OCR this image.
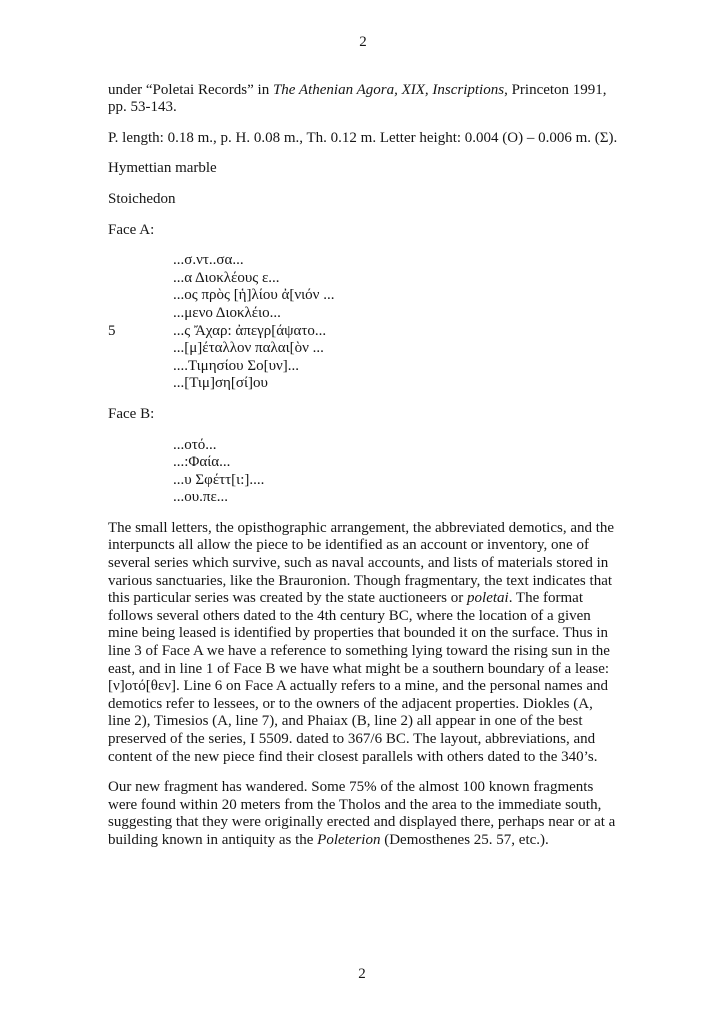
2

under “Poletai Records” in The Athenian Agora, XIX, Inscriptions, Princeton 1991, pp. 53-143.

P. length: 0.18 m., p. H. 0.08 m., Th. 0.12 m. Letter height: 0.004 (O) – 0.006 m. (Σ).

Hymettian marble

Stoichedon

Face A:

...σ.ντ..σα...
...α Διοκλέους ε...
...ος πρὸς [ἡ]λίου ἀ[νιόν ...
...μενο Διοκλέιο...
5	...ς Ἄχαρ: ἀπεγρ[άψατο...
...[μ]έταλλον παλαι[ὸν ...
....Τιμησίου Σο[υν]...
...[Τιμ]ση[σί]ου

Face B:

...οτό...
...:Φαία...
...υ Σφέττ[ι:]....
...ου.πε...

The small letters, the opisthographic arrangement, the abbreviated demotics, and the interpuncts all allow the piece to be identified as an account or inventory, one of several series which survive, such as naval accounts, and lists of materials stored in various sanctuaries, like the Brauronion. Though fragmentary, the text indicates that this particular series was created by the state auctioneers or poletai. The format follows several others dated to the 4th century BC, where the location of a given mine being leased is identified by properties that bounded it on the surface. Thus in line 3 of Face A we have a reference to something lying toward the rising sun in the east, and in line 1 of Face B we have what might be a southern boundary of a lease: [ν]οτό[θεν]. Line 6 on Face A actually refers to a mine, and the personal names and demotics refer to lessees, or to the owners of the adjacent properties. Diokles (A, line 2), Timesios (A, line 7), and Phaiax (B, line 2) all appear in one of the best preserved of the series, I 5509. dated to 367/6 BC. The layout, abbreviations, and content of the new piece find their closest parallels with others dated to the 340’s.

Our new fragment has wandered. Some 75% of the almost 100 known fragments were found within 20 meters from the Tholos and the area to the immediate south, suggesting that they were originally erected and displayed there, perhaps near or at a building known in antiquity as the Poleterion (Demosthenes 25. 57, etc.).

2
